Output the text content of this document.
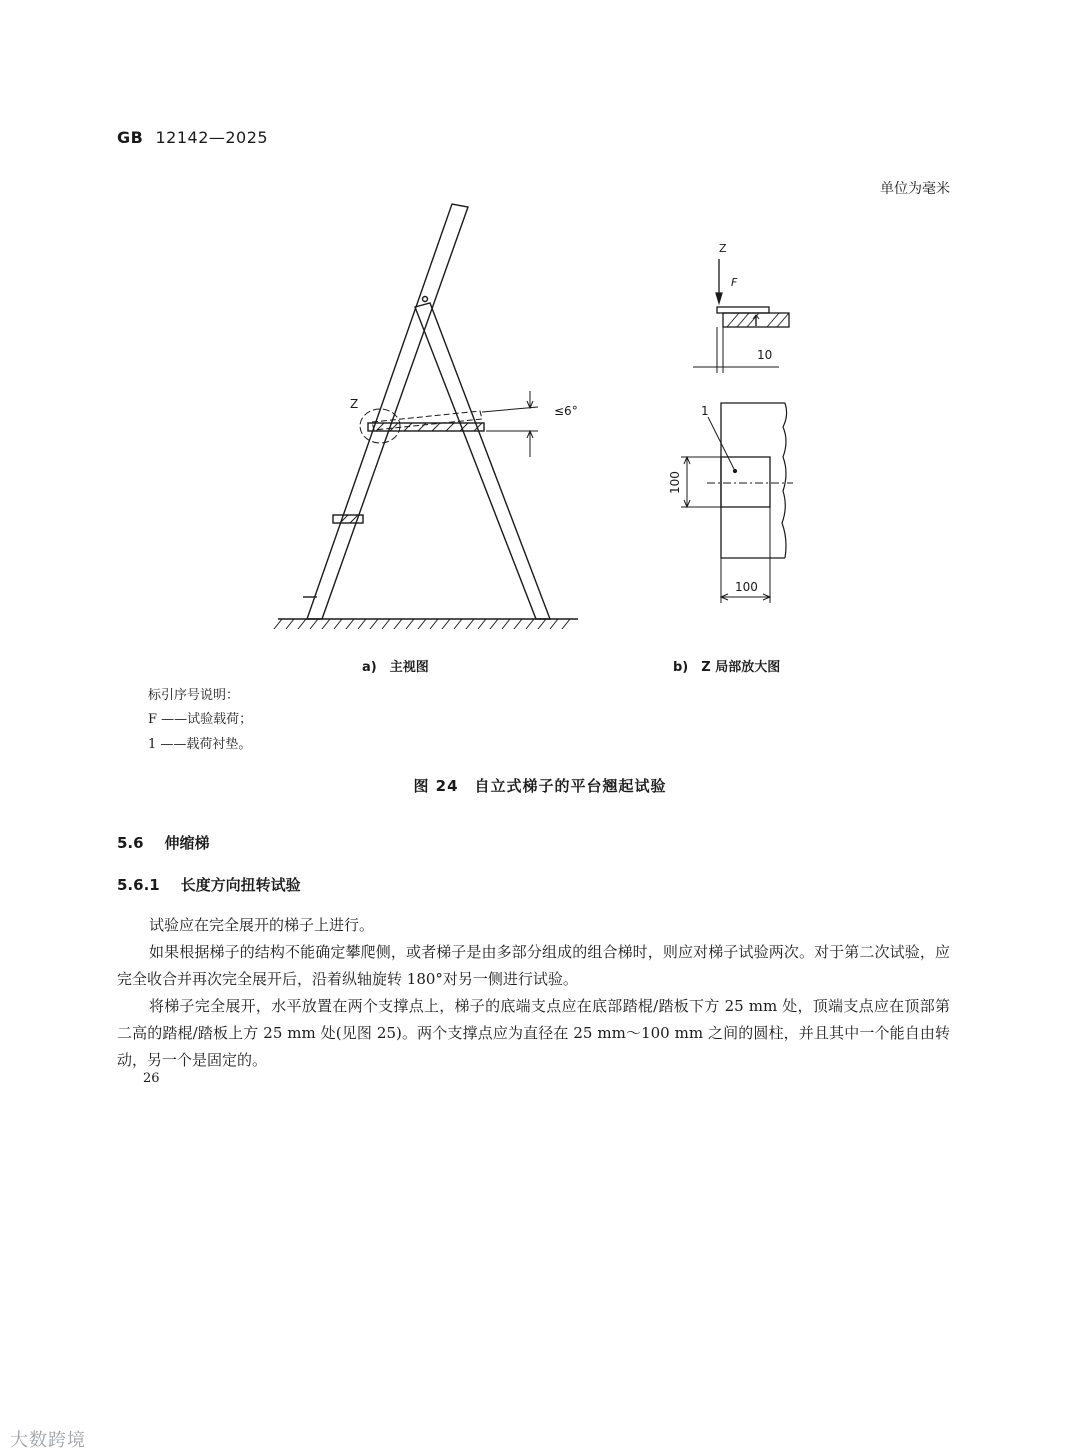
GB 12142—2025
单位为毫米
Z	≤6°
Z
F
10
1
100
100
a)　主视图	b)　Z 局部放大图
标引序号说明：
F ——试验载荷；
1 ——载荷衬垫。
图 24　自立式梯子的平台翘起试验
5.6 伸缩梯
5.6.1 长度方向扭转试验

试验应在完全展开的梯子上进行。

如果根据梯子的结构不能确定攀爬侧，或者梯子是由多部分组成的组合梯时，则应对梯子试验两次。对于第二次试验，应完全收合并再次完全展开后，沿着纵轴旋转 180°对另一侧进行试验。

将梯子完全展开，水平放置在两个支撑点上，梯子的底端支点应在底部踏棍/踏板下方 25 mm 处，顶端支点应在顶部第二高的踏棍/踏板上方 25 mm 处(见图 25)。两个支撑点应为直径在 25 mm～100 mm 之间的圆柱，并且其中一个能自由转动，另一个是固定的。

26
大数跨境
